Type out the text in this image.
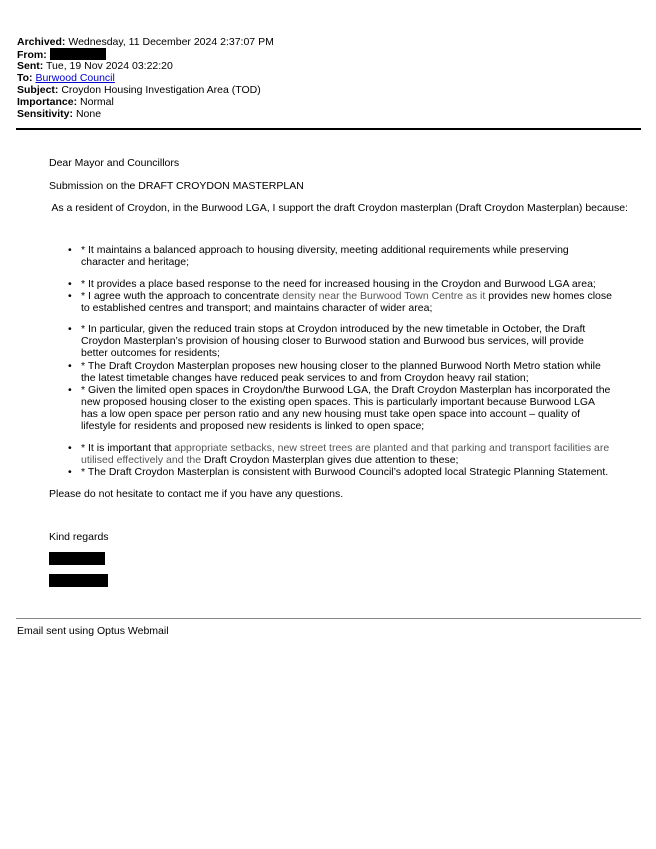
Archived: Wednesday, 11 December 2024 2:37:07 PM
From:
Sent: Tue, 19 Nov 2024 03:22:20
To: Burwood Council
Subject: Croydon Housing Investigation Area (TOD)
Importance: Normal
Sensitivity: None
Dear Mayor and Councillors
Submission on the DRAFT CROYDON MASTERPLAN
As a resident of Croydon, in the Burwood LGA, I support the draft Croydon masterplan (Draft Croydon Masterplan) because:
• * It maintains a balanced approach to housing diversity, meeting additional requirements while preserving character and heritage;
• * It provides a place based response to the need for increased housing in the Croydon and Burwood LGA area;
• * I agree wuth the approach to concentrate density near the Burwood Town Centre as it provides new homes close to established centres and transport; and maintains character of wider area;
• * In particular, given the reduced train stops at Croydon introduced by the new timetable in October, the Draft Croydon Masterplan’s provision of housing closer to Burwood station and Burwood bus services, will provide better outcomes for residents;
• * The Draft Croydon Masterplan proposes new housing closer to the planned Burwood North Metro station while the latest timetable changes have reduced peak services to and from Croydon heavy rail station;
• * Given the limited open spaces in Croydon/the Burwood LGA, the Draft Croydon Masterplan has incorporated the new proposed housing closer to the existing open spaces. This is particularly important because Burwood LGA has a low open space per person ratio and any new housing must take open space into account – quality of lifestyle for residents and proposed new residents is linked to open space;
• * It is important that appropriate setbacks, new street trees are planted and that parking and transport facilities are utilised effectively and the Draft Croydon Masterplan gives due attention to these;
• * The Draft Croydon Masterplan is consistent with Burwood Council’s adopted local Strategic Planning Statement.
Please do not hesitate to contact me if you have any questions.
Kind regards
Email sent using Optus Webmail
